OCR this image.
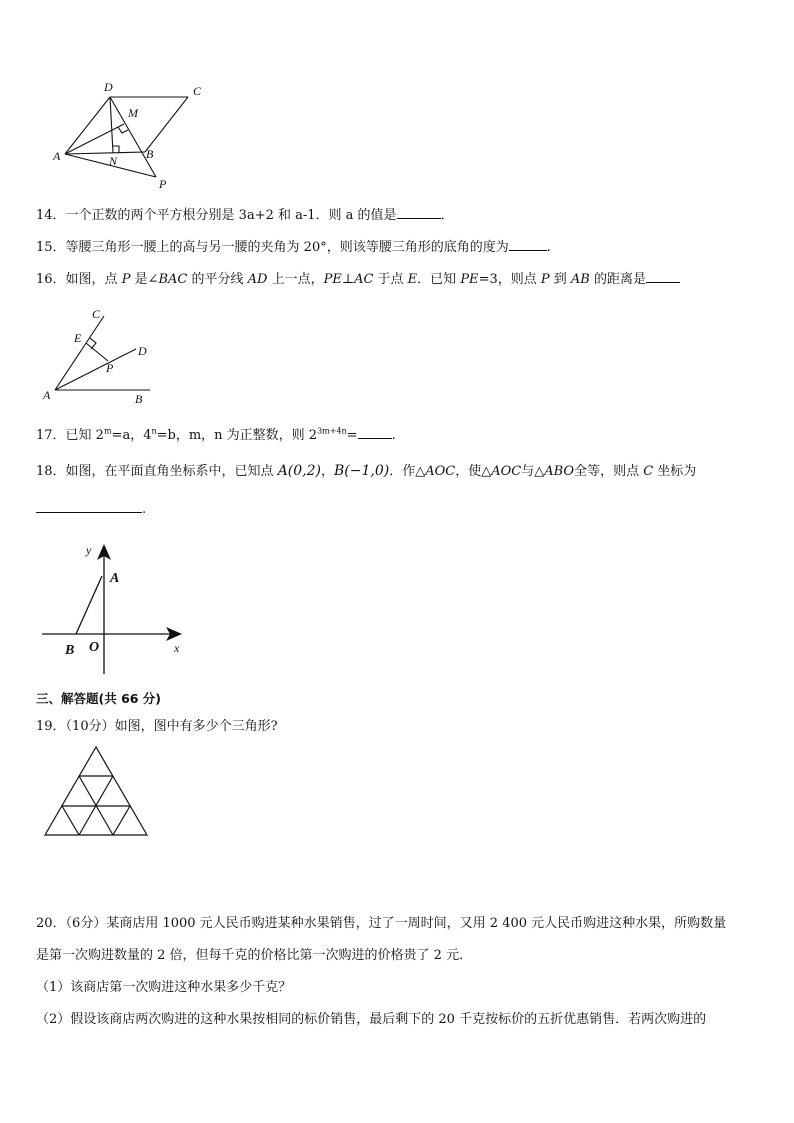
D	C
M
A	N B
P
14．一个正数的两个平方根分别是 3a+2 和 a-1．则 a 的值是	．
15．等腰三角形一腰上的高与另一腰的夹角为 20°，则该等腰三角形的底角的度为	.
16．如图，点 P 是∠BAC 的平分线 AD 上一点，PE⊥AC 于点 E．已知 PE=3，则点 P 到 AB 的距离是
C
E
D
P
A	B
17．已知 $2^m=a$，$4^n=b$，m，n 为正整数，则 $2^{3m+4n}=$	.
18．如图，在平面直角坐标系中，已知点 A(0,2)，B(−1,0)．作△AOC，使△AOC与△ABO全等，则点 C 坐标为
.
y
A
B O	x
三、解答题(共 66 分)
19．（10分）如图，图中有多少个三角形?
20．（6分）某商店用 1000 元人民币购进某种水果销售，过了一周时间，又用 2 400 元人民币购进这种水果，所购数量
是第一次购进数量的 2 倍，但每千克的价格比第一次购进的价格贵了 2 元．
（1）该商店第一次购进这种水果多少千克？
（2）假设该商店两次购进的这种水果按相同的标价销售，最后剩下的 20 千克按标价的五折优惠销售．若两次购进的
